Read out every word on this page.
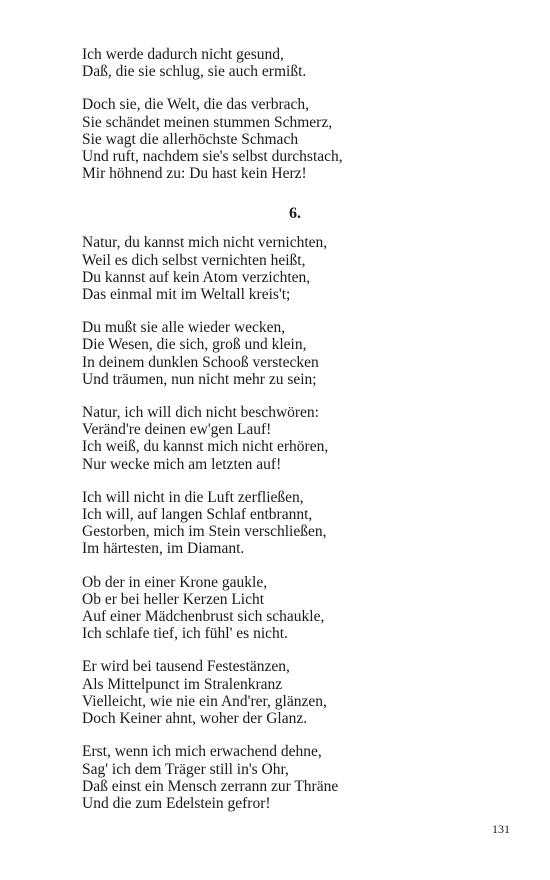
Ich werde dadurch nicht gesund,
Daß, die sie schlug, sie auch ermißt.
Doch sie, die Welt, die das verbrach,
Sie schändet meinen stummen Schmerz,
Sie wagt die allerhöchste Schmach
Und ruft, nachdem sie's selbst durchstach,
Mir höhnend zu: Du hast kein Herz!
6.
Natur, du kannst mich nicht vernichten,
Weil es dich selbst vernichten heißt,
Du kannst auf kein Atom verzichten,
Das einmal mit im Weltall kreis't;
Du mußt sie alle wieder wecken,
Die Wesen, die sich, groß und klein,
In deinem dunklen Schooß verstecken
Und träumen, nun nicht mehr zu sein;
Natur, ich will dich nicht beschwören:
Veränd're deinen ew'gen Lauf!
Ich weiß, du kannst mich nicht erhören,
Nur wecke mich am letzten auf!
Ich will nicht in die Luft zerfließen,
Ich will, auf langen Schlaf entbrannt,
Gestorben, mich im Stein verschließen,
Im härtesten, im Diamant.
Ob der in einer Krone gaukle,
Ob er bei heller Kerzen Licht
Auf einer Mädchenbrust sich schaukle,
Ich schlafe tief, ich fühl' es nicht.
Er wird bei tausend Festestänzen,
Als Mittelpunct im Stralenkranz
Vielleicht, wie nie ein And'rer, glänzen,
Doch Keiner ahnt, woher der Glanz.
Erst, wenn ich mich erwachend dehne,
Sag' ich dem Träger still in's Ohr,
Daß einst ein Mensch zerrann zur Thräne
Und die zum Edelstein gefror!
131
